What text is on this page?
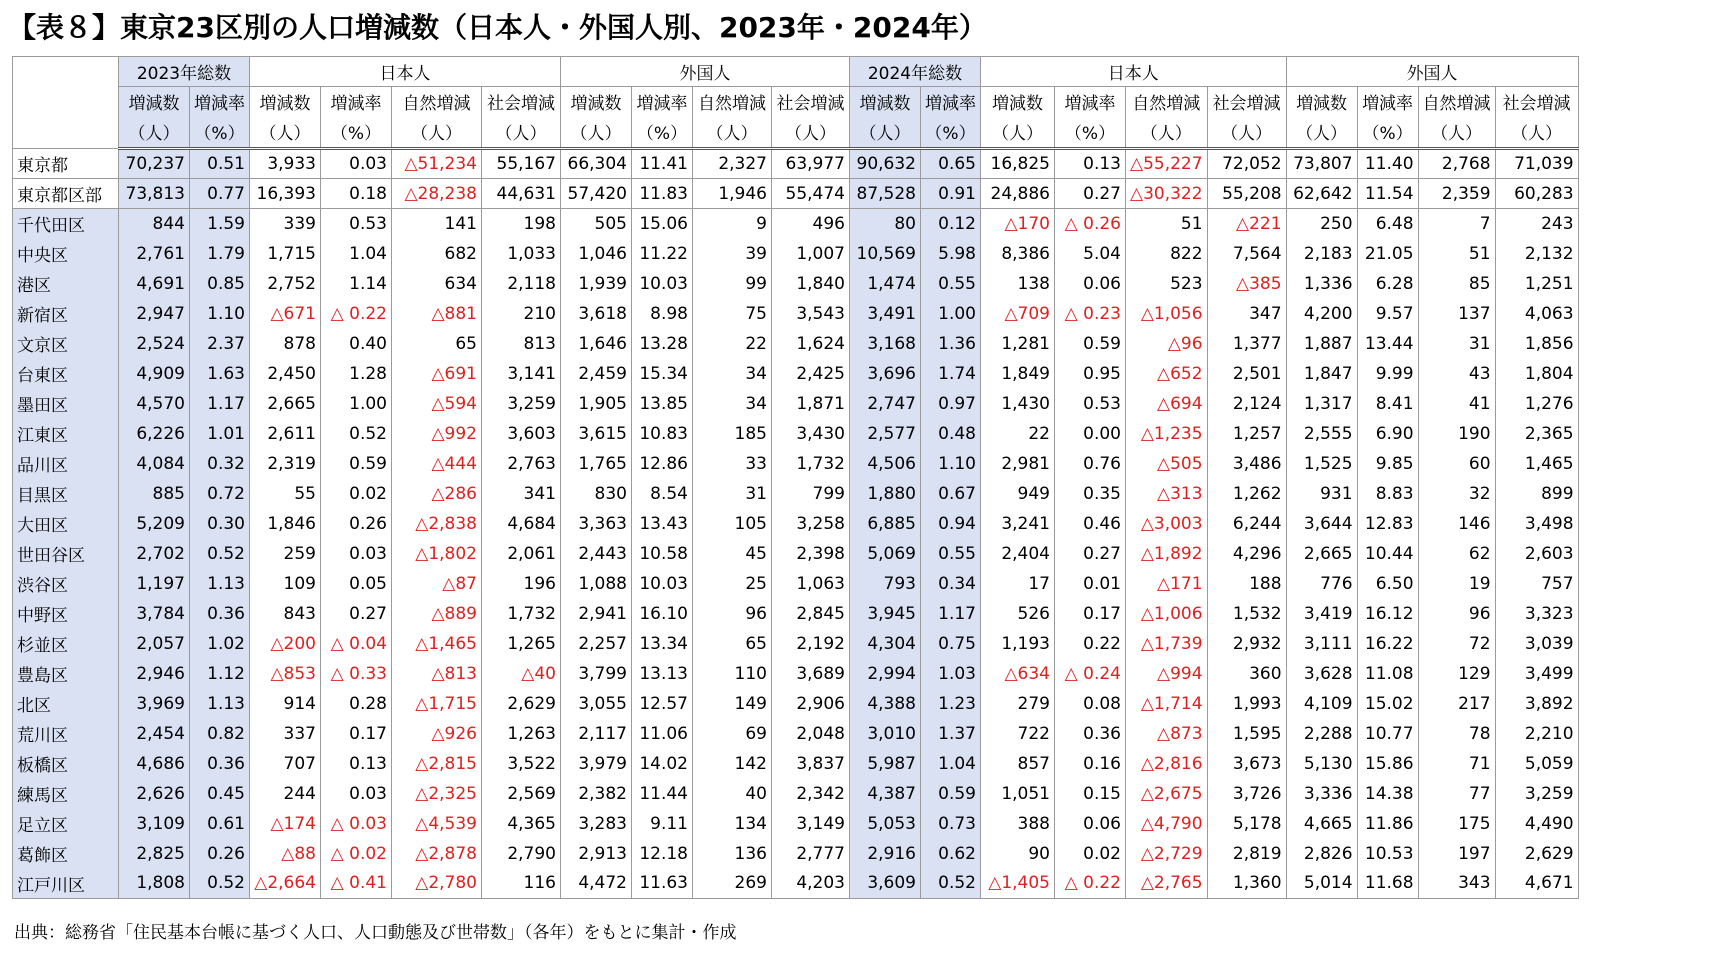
【表８】東京23区別の人口増減数（日本人・外国人別、2023年・2024年）
	2023年総数		日本人				外国人				2024年総数		日本人				外国人			
	増減数	増減率	増減数	増減率	自然増減	社会増減	増減数	増減率	自然増減	社会増減	増減数	増減率	増減数	増減率	自然増減	社会増減	増減数	増減率	自然増減	社会増減
	（人）	（%）	（人）	（%）	（人）	（人）	（人）	（%）	（人）	（人）	（人）	（%）	（人）	（%）	（人）	（人）	（人）	（%）	（人）	（人）
東京都	70,237	0.51	3,933	0.03	△51,234	55,167	66,304	11.41	2,327	63,977	90,632	0.65	16,825	0.13	△55,227	72,052	73,807	11.40	2,768	71,039
東京都区部	73,813	0.77	16,393	0.18	△28,238	44,631	57,420	11.83	1,946	55,474	87,528	0.91	24,886	0.27	△30,322	55,208	62,642	11.54	2,359	60,283
千代田区	844	1.59	339	0.53	141	198	505	15.06	9	496	80	0.12	△170	△ 0.26	51	△221	250	6.48	7	243
中央区	2,761	1.79	1,715	1.04	682	1,033	1,046	11.22	39	1,007	10,569	5.98	8,386	5.04	822	7,564	2,183	21.05	51	2,132
港区	4,691	0.85	2,752	1.14	634	2,118	1,939	10.03	99	1,840	1,474	0.55	138	0.06	523	△385	1,336	6.28	85	1,251
新宿区	2,947	1.10	△671	△ 0.22	△881	210	3,618	8.98	75	3,543	3,491	1.00	△709	△ 0.23	△1,056	347	4,200	9.57	137	4,063
文京区	2,524	2.37	878	0.40	65	813	1,646	13.28	22	1,624	3,168	1.36	1,281	0.59	△96	1,377	1,887	13.44	31	1,856
台東区	4,909	1.63	2,450	1.28	△691	3,141	2,459	15.34	34	2,425	3,696	1.74	1,849	0.95	△652	2,501	1,847	9.99	43	1,804
墨田区	4,570	1.17	2,665	1.00	△594	3,259	1,905	13.85	34	1,871	2,747	0.97	1,430	0.53	△694	2,124	1,317	8.41	41	1,276
江東区	6,226	1.01	2,611	0.52	△992	3,603	3,615	10.83	185	3,430	2,577	0.48	22	0.00	△1,235	1,257	2,555	6.90	190	2,365
品川区	4,084	0.32	2,319	0.59	△444	2,763	1,765	12.86	33	1,732	4,506	1.10	2,981	0.76	△505	3,486	1,525	9.85	60	1,465
目黒区	885	0.72	55	0.02	△286	341	830	8.54	31	799	1,880	0.67	949	0.35	△313	1,262	931	8.83	32	899
大田区	5,209	0.30	1,846	0.26	△2,838	4,684	3,363	13.43	105	3,258	6,885	0.94	3,241	0.46	△3,003	6,244	3,644	12.83	146	3,498
世田谷区	2,702	0.52	259	0.03	△1,802	2,061	2,443	10.58	45	2,398	5,069	0.55	2,404	0.27	△1,892	4,296	2,665	10.44	62	2,603
渋谷区	1,197	1.13	109	0.05	△87	196	1,088	10.03	25	1,063	793	0.34	17	0.01	△171	188	776	6.50	19	757
中野区	3,784	0.36	843	0.27	△889	1,732	2,941	16.10	96	2,845	3,945	1.17	526	0.17	△1,006	1,532	3,419	16.12	96	3,323
杉並区	2,057	1.02	△200	△ 0.04	△1,465	1,265	2,257	13.34	65	2,192	4,304	0.75	1,193	0.22	△1,739	2,932	3,111	16.22	72	3,039
豊島区	2,946	1.12	△853	△ 0.33	△813	△40	3,799	13.13	110	3,689	2,994	1.03	△634	△ 0.24	△994	360	3,628	11.08	129	3,499
北区	3,969	1.13	914	0.28	△1,715	2,629	3,055	12.57	149	2,906	4,388	1.23	279	0.08	△1,714	1,993	4,109	15.02	217	3,892
荒川区	2,454	0.82	337	0.17	△926	1,263	2,117	11.06	69	2,048	3,010	1.37	722	0.36	△873	1,595	2,288	10.77	78	2,210
板橋区	4,686	0.36	707	0.13	△2,815	3,522	3,979	14.02	142	3,837	5,987	1.04	857	0.16	△2,816	3,673	5,130	15.86	71	5,059
練馬区	2,626	0.45	244	0.03	△2,325	2,569	2,382	11.44	40	2,342	4,387	0.59	1,051	0.15	△2,675	3,726	3,336	14.38	77	3,259
足立区	3,109	0.61	△174	△ 0.03	△4,539	4,365	3,283	9.11	134	3,149	5,053	0.73	388	0.06	△4,790	5,178	4,665	11.86	175	4,490
葛飾区	2,825	0.26	△88	△ 0.02	△2,878	2,790	2,913	12.18	136	2,777	2,916	0.62	90	0.02	△2,729	2,819	2,826	10.53	197	2,629
江戸川区	1,808	0.52	△2,664	△ 0.41	△2,780	116	4,472	11.63	269	4,203	3,609	0.52	△1,405	△ 0.22	△2,765	1,360	5,014	11.68	343	4,671
出典：総務省「住民基本台帳に基づく人口、人口動態及び世帯数」（各年）をもとに集計・作成
